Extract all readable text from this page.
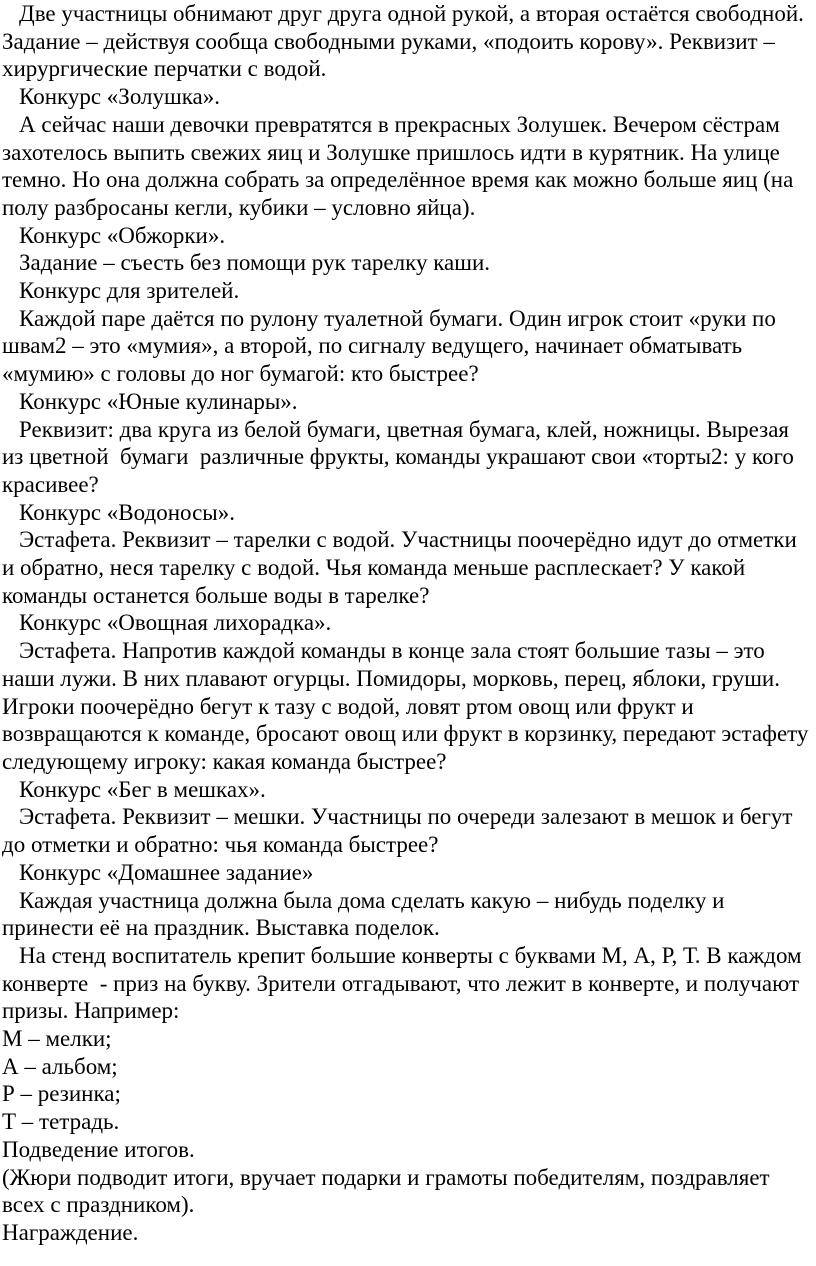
Две участницы обнимают друг друга одной рукой, а вторая остаётся свободной. Задание – действуя сообща свободными руками, «подоить корову». Реквизит – хирургические перчатки с водой.

Конкурс «Золушка».

А сейчас наши девочки превратятся в прекрасных Золушек. Вечером сёстрам захотелось выпить свежих яиц и Золушке пришлось идти в курятник. На улице темно. Но она должна собрать за определённое время как можно больше яиц (на полу разбросаны кегли, кубики – условно яйца).

Конкурс «Обжорки».

Задание – съесть без помощи рук тарелку каши.

Конкурс для зрителей.

Каждой паре даётся по рулону туалетной бумаги. Один игрок стоит «руки по швам2 – это «мумия», а второй, по сигналу ведущего, начинает обматывать «мумию» с головы до ног бумагой: кто быстрее?

Конкурс «Юные кулинары».

Реквизит: два круга из белой бумаги, цветная бумага, клей, ножницы. Вырезая из цветной  бумаги  различные фрукты, команды украшают свои «торты2: у кого красивее?

Конкурс «Водоносы».

Эстафета. Реквизит – тарелки с водой. Участницы поочерёдно идут до отметки и обратно, неся тарелку с водой. Чья команда меньше расплескает? У какой команды останется больше воды в тарелке?

Конкурс «Овощная лихорадка».

Эстафета. Напротив каждой команды в конце зала стоят большие тазы – это наши лужи. В них плавают огурцы. Помидоры, морковь, перец, яблоки, груши. Игроки поочерёдно бегут к тазу с водой, ловят ртом овощ или фрукт и возвращаются к команде, бросают овощ или фрукт в корзинку, передают эстафету следующему игроку: какая команда быстрее?

Конкурс «Бег в мешках».

Эстафета. Реквизит – мешки. Участницы по очереди залезают в мешок и бегут до отметки и обратно: чья команда быстрее?

Конкурс «Домашнее задание»

Каждая участница должна была дома сделать какую – нибудь поделку и принести её на праздник. Выставка поделок.

На стенд воспитатель крепит большие конверты с буквами М, А, Р, Т. В каждом конверте  - приз на букву. Зрители отгадывают, что лежит в конверте, и получают призы. Например:

М – мелки;

А – альбом;

Р – резинка;

Т – тетрадь.

Подведение итогов.

(Жюри подводит итоги, вручает подарки и грамоты победителям, поздравляет всех с праздником).

Награждение.
